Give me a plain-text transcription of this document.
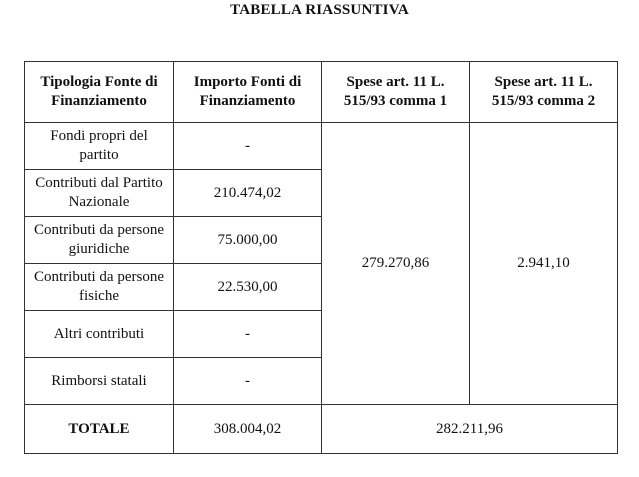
TABELLA RIASSUNTIVA
Tipologia Fonte di Finanziamento	Importo Fonti di Finanziamento	Spese art. 11 L. 515/93 comma 1	Spese art. 11 L. 515/93 comma 2
Fondi propri del partito	-	279.270,86	2.941,10
Contributi dal Partito Nazionale	210.474,02		
Contributi da persone giuridiche	75.000,00		
Contributi da persone fisiche	22.530,00		
Altri contributi	-		
Rimborsi statali	-		
TOTALE	308.004,02	282.211,96	
